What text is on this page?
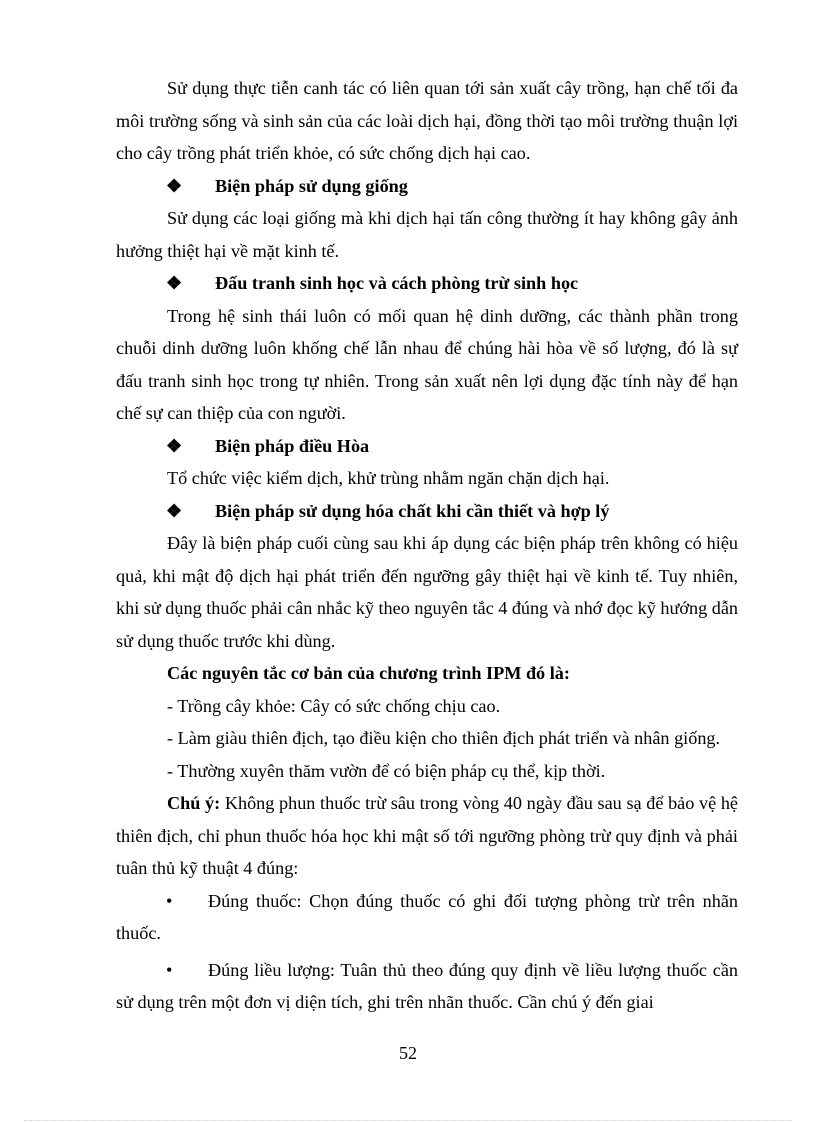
Sử dụng thực tiễn canh tác có liên quan tới sản xuất cây trồng, hạn chế tối đa môi trường sống và sinh sản của các loài dịch hại, đồng thời tạo môi trường thuận lợi cho cây trồng phát triển khỏe, có sức chống dịch hại cao.

❖ Biện pháp sử dụng giống

Sử dụng các loại giống mà khi dịch hại tấn công thường ít hay không gây ảnh hưởng thiệt hại về mặt kinh tế.

❖ Đấu tranh sinh học và cách phòng trừ sinh học

Trong hệ sinh thái luôn có mối quan hệ dinh dưỡng, các thành phần trong chuỗi dinh dưỡng luôn khống chế lẫn nhau để chúng hài hòa về số lượng, đó là sự đấu tranh sinh học trong tự nhiên. Trong sản xuất nên lợi dụng đặc tính này để hạn chế sự can thiệp của con người.

❖ Biện pháp điều Hòa

Tổ chức việc kiểm dịch, khử trùng nhằm ngăn chặn dịch hại.

❖ Biện pháp sử dụng hóa chất khi cần thiết và hợp lý

Đây là biện pháp cuối cùng sau khi áp dụng các biện pháp trên không có hiệu quả, khi mật độ dịch hại phát triển đến ngưỡng gây thiệt hại về kinh tế. Tuy nhiên, khi sử dụng thuốc phải cân nhắc kỹ theo nguyên tắc 4 đúng và nhớ đọc kỹ hướng dẫn sử dụng thuốc trước khi dùng.

Các nguyên tắc cơ bản của chương trình IPM đó là:

- Trồng cây khỏe: Cây có sức chống chịu cao.

- Làm giàu thiên địch, tạo điều kiện cho thiên địch phát triển và nhân giống.

- Thường xuyên thăm vườn để có biện pháp cụ thể, kịp thời.

Chú ý: Không phun thuốc trừ sâu trong vòng 40 ngày đầu sau sạ để bảo vệ hệ thiên địch, chỉ phun thuốc hóa học khi mật số tới ngưỡng phòng trừ quy định và phải tuân thủ kỹ thuật 4 đúng:

• Đúng thuốc: Chọn đúng thuốc có ghi đối tượng phòng trừ trên nhãn thuốc.

• Đúng liều lượng: Tuân thủ theo đúng quy định về liều lượng thuốc cần sử dụng trên một đơn vị diện tích, ghi trên nhãn thuốc. Cần chú ý đến giai

52
